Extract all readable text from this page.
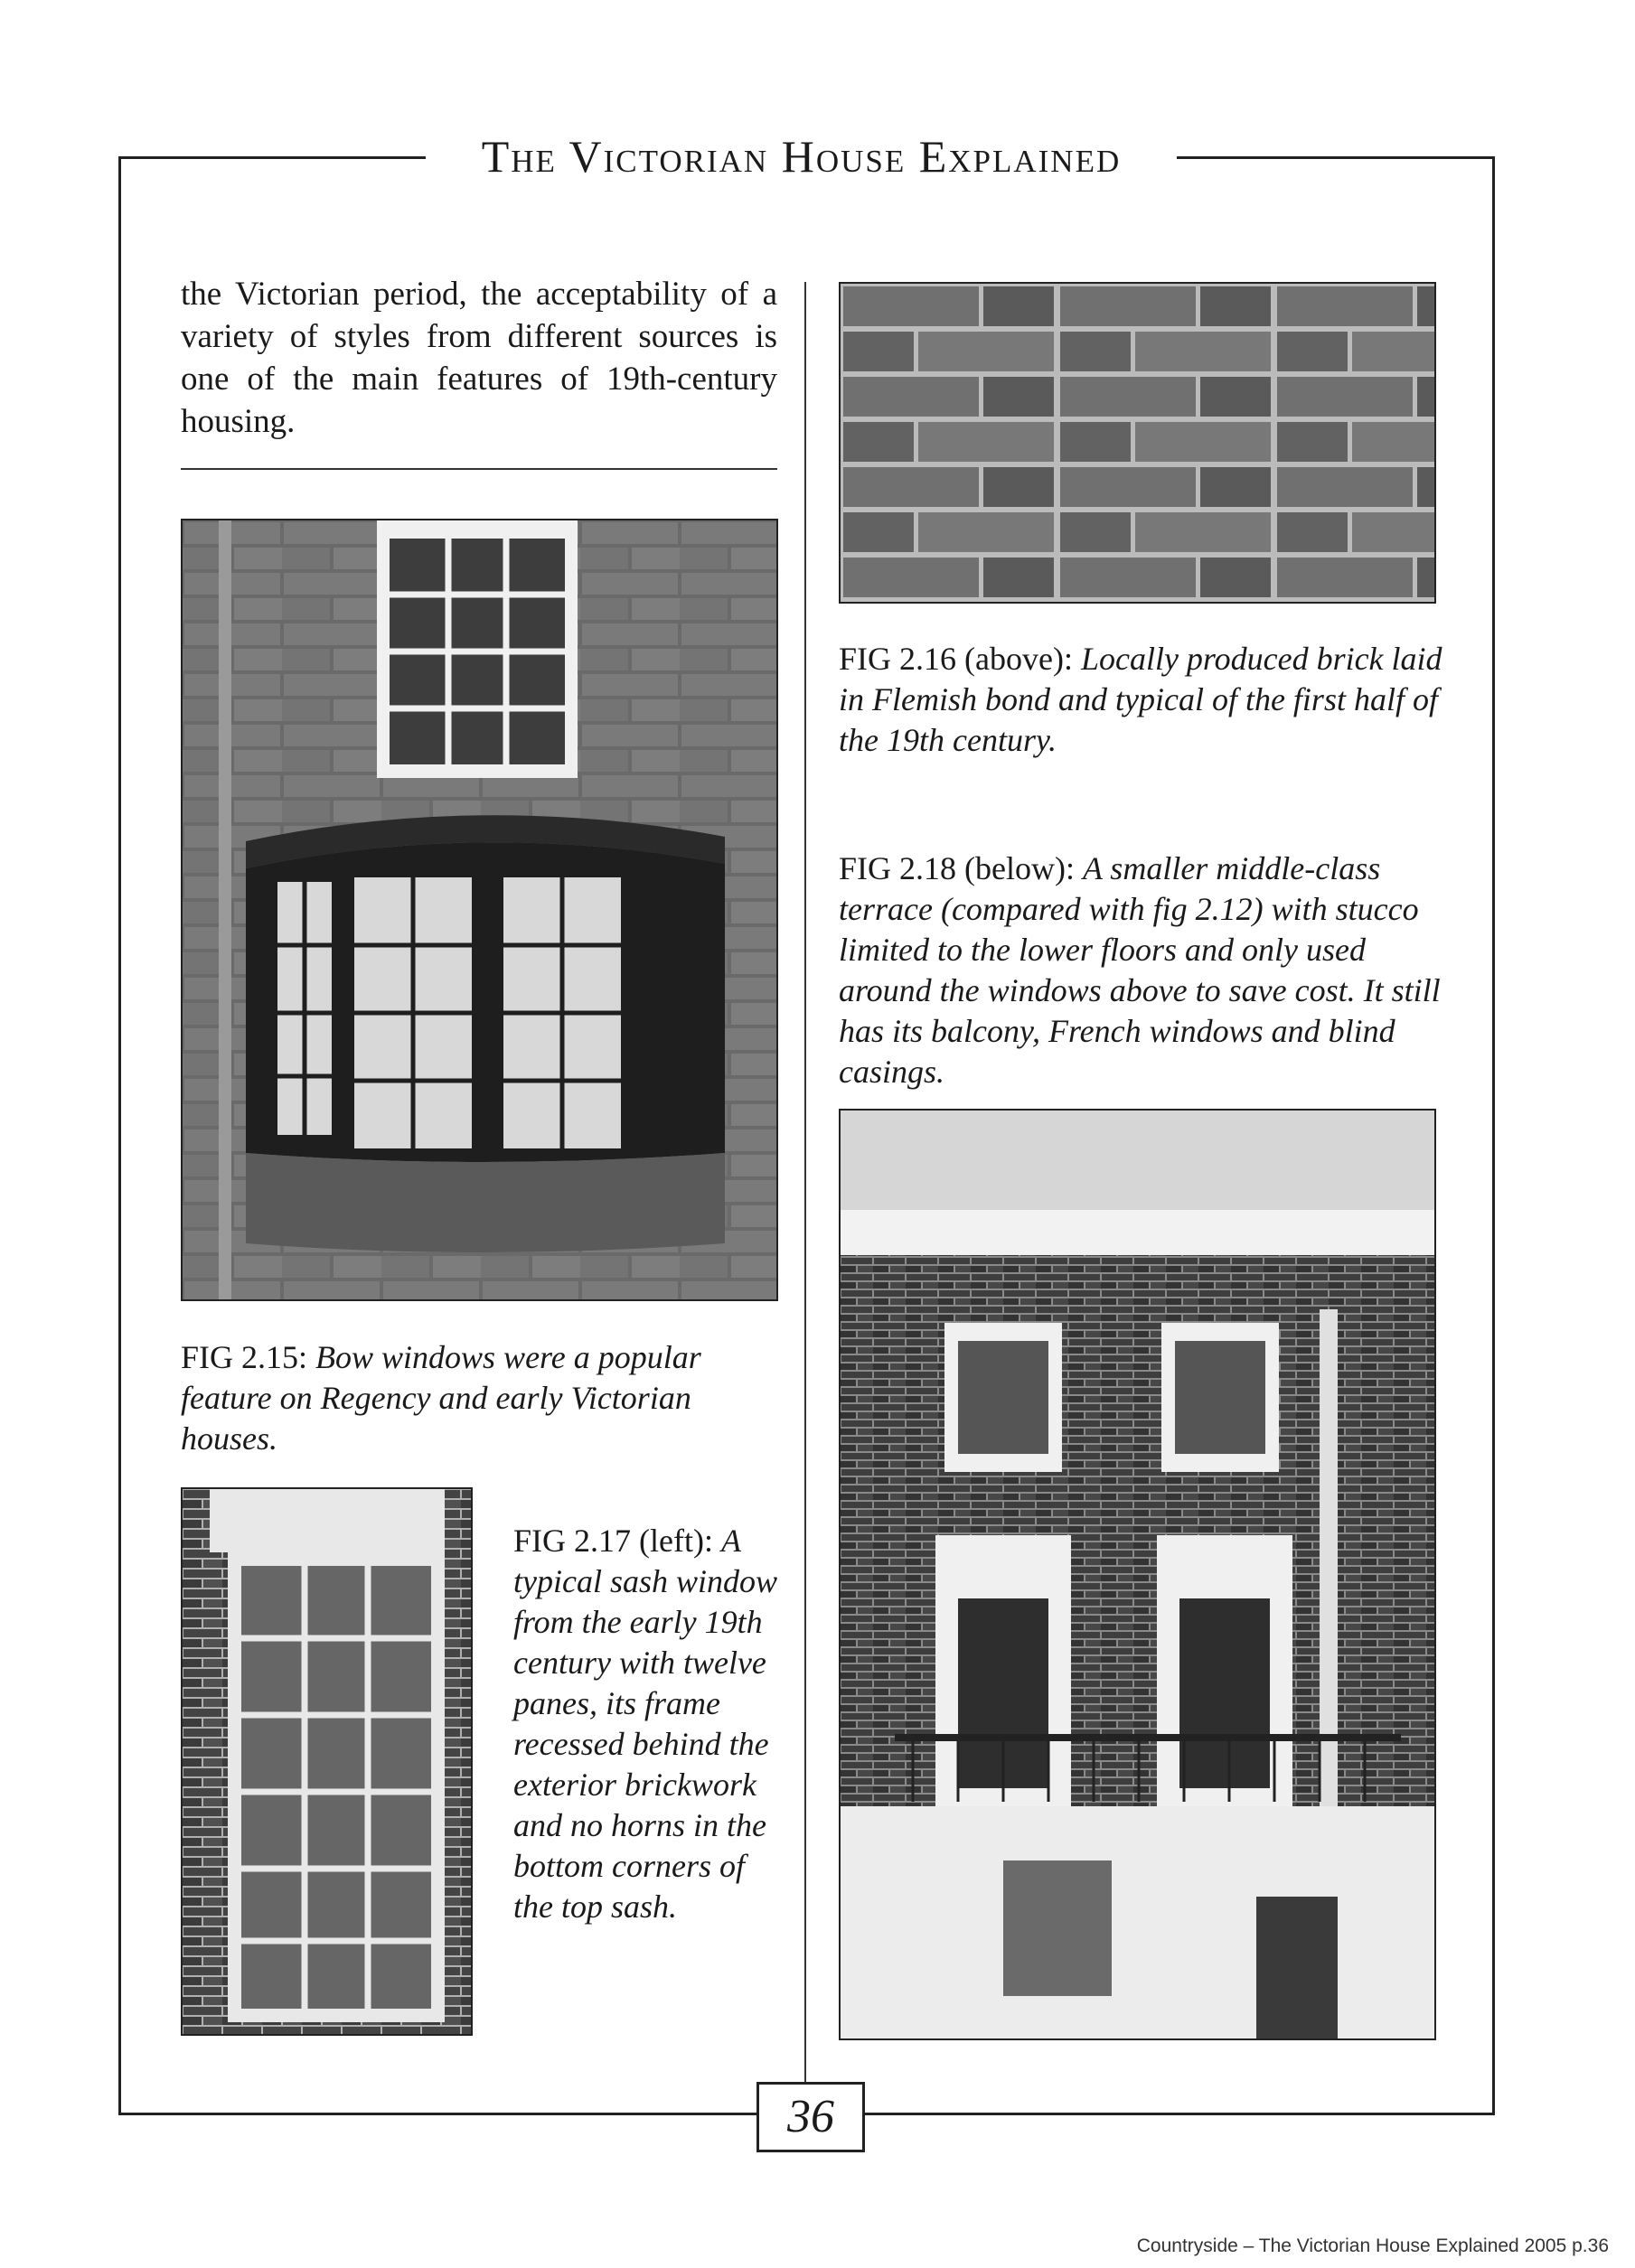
The Victorian House Explained
the Victorian period, the acceptability of a variety of styles from different sources is one of the main features of 19th-century housing.
FIG 2.15: Bow windows were a popular feature on Regency and early Victorian houses.
FIG 2.17 (left): A typical sash window from the early 19th century with twelve panes, its frame recessed behind the exterior brickwork and no horns in the bottom corners of the top sash.
FIG 2.16 (above): Locally produced brick laid in Flemish bond and typical of the first half of the 19th century.
FIG 2.18 (below): A smaller middle-class terrace (compared with fig 2.12) with stucco limited to the lower floors and only used around the windows above to save cost. It still has its balcony, French windows and blind casings.
36
Countryside – The Victorian House Explained 2005 p.36
